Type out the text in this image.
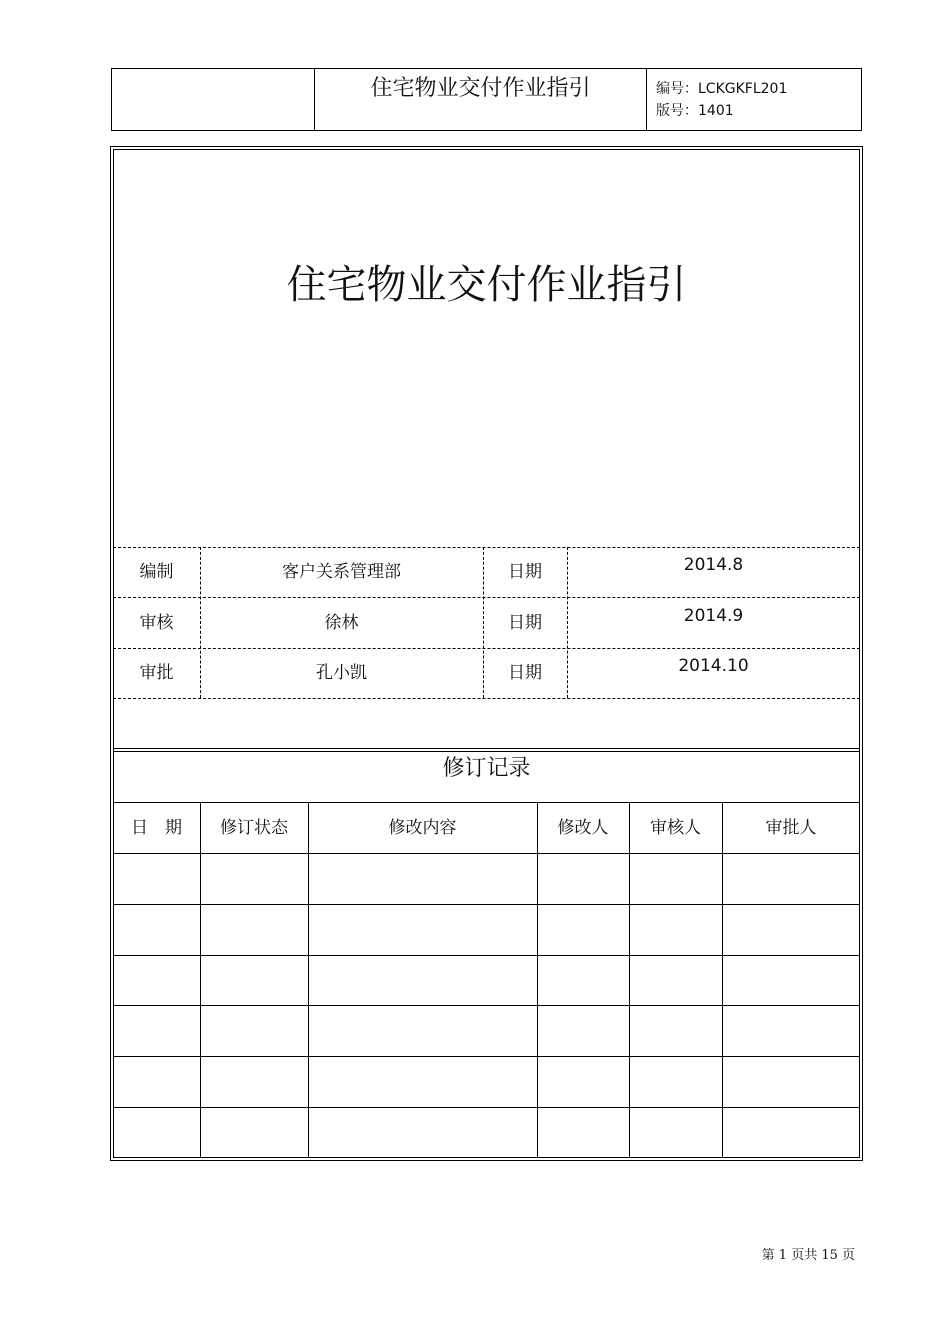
住宅物业交付作业指引	编号：LCKGKFL201
版号：1401
住宅物业交付作业指引
编制	客户关系管理部	日期	2014.8
审核	徐林	日期	2014.9
审批	孔小凯	日期	2014.10
修订记录
日　期	修订状态	修改内容	修改人	审核人	审批人
第 1 页共 15 页
